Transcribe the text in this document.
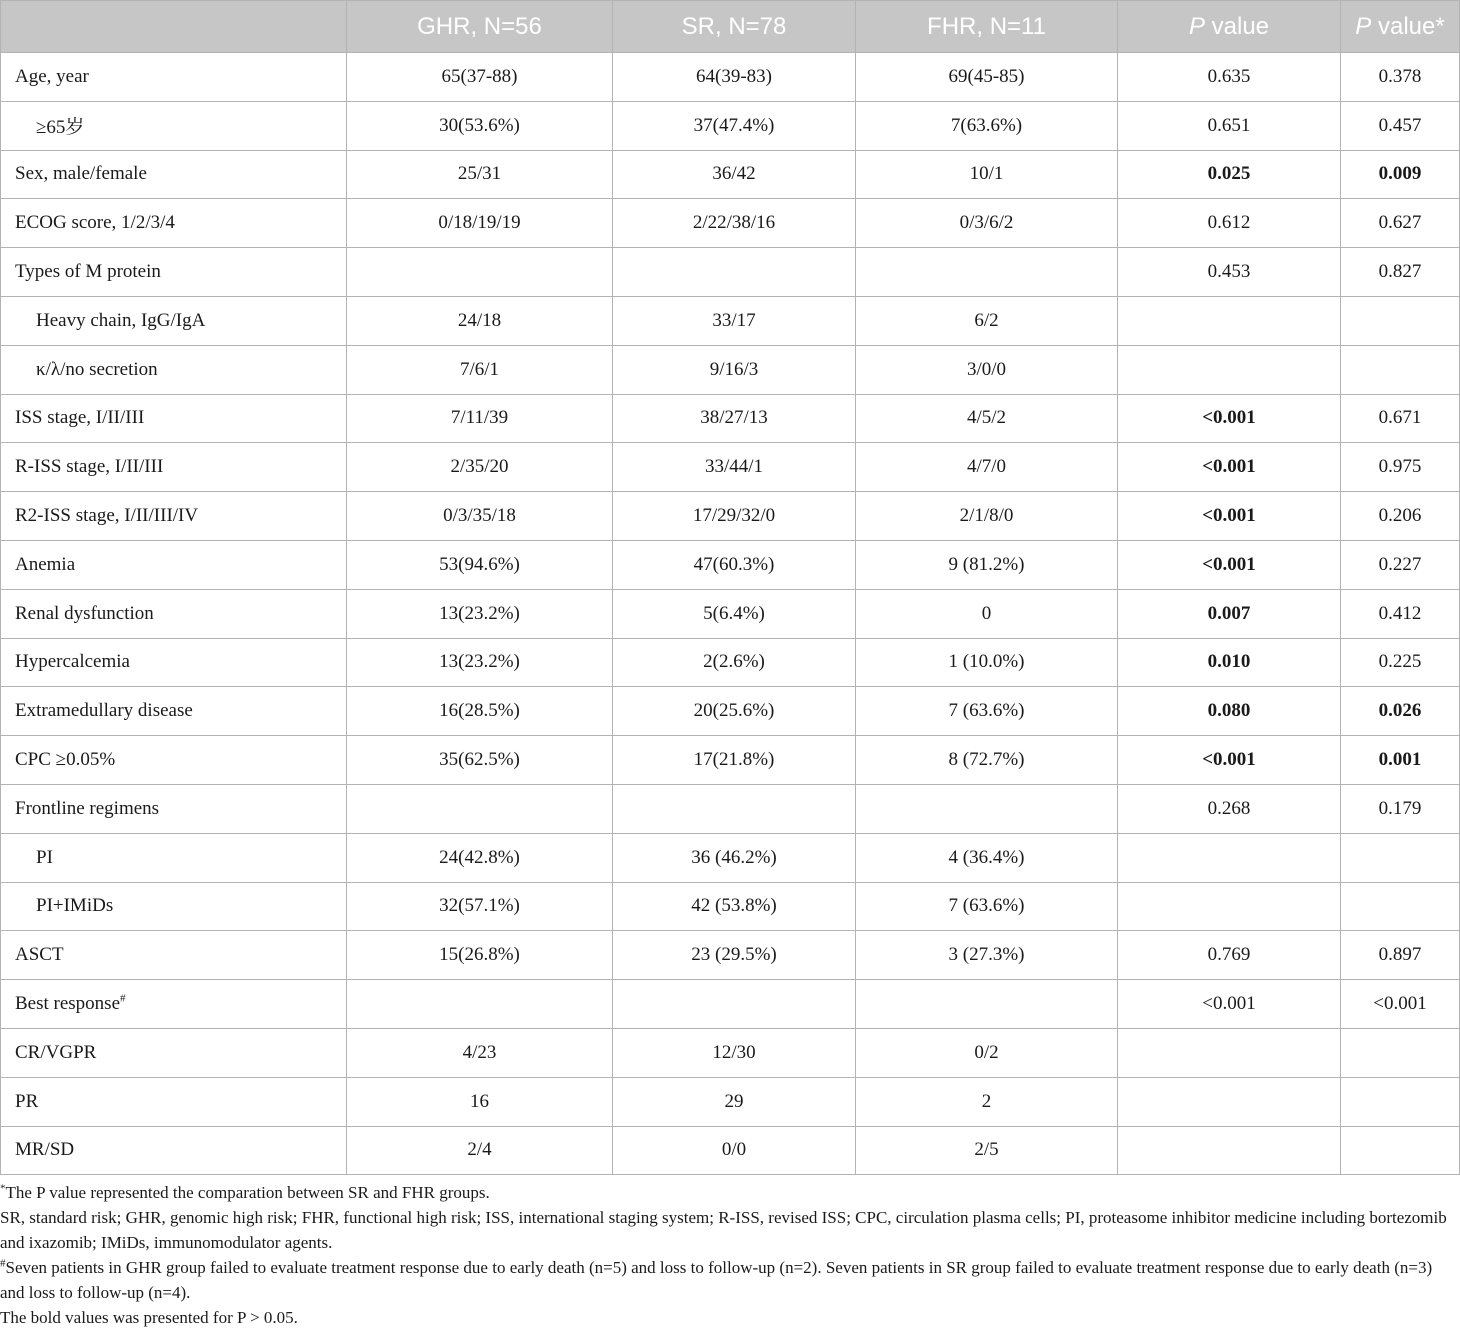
	GHR, N=56	SR, N=78	FHR, N=11	P value	P value*
Age, year	65(37-88)	64(39-83)	69(45-85)	0.635	0.378
≥65岁	30(53.6%)	37(47.4%)	7(63.6%)	0.651	0.457
Sex, male/female	25/31	36/42	10/1	0.025	0.009
ECOG score, 1/2/3/4	0/18/19/19	2/22/38/16	0/3/6/2	0.612	0.627
Types of M protein				0.453	0.827
Heavy chain, IgG/IgA	24/18	33/17	6/2		
κ/λ/no secretion	7/6/1	9/16/3	3/0/0		
ISS stage, I/II/III	7/11/39	38/27/13	4/5/2	<0.001	0.671
R-ISS stage, I/II/III	2/35/20	33/44/1	4/7/0	<0.001	0.975
R2-ISS stage, I/II/III/IV	0/3/35/18	17/29/32/0	2/1/8/0	<0.001	0.206
Anemia	53(94.6%)	47(60.3%)	9 (81.2%)	<0.001	0.227
Renal dysfunction	13(23.2%)	5(6.4%)	0	0.007	0.412
Hypercalcemia	13(23.2%)	2(2.6%)	1 (10.0%)	0.010	0.225
Extramedullary disease	16(28.5%)	20(25.6%)	7 (63.6%)	0.080	0.026
CPC ≥0.05%	35(62.5%)	17(21.8%)	8 (72.7%)	<0.001	0.001
Frontline regimens				0.268	0.179
PI	24(42.8%)	36 (46.2%)	4 (36.4%)		
PI+IMiDs	32(57.1%)	42 (53.8%)	7 (63.6%)		
ASCT	15(26.8%)	23 (29.5%)	3 (27.3%)	0.769	0.897
Best response#				<0.001	<0.001
CR/VGPR	4/23	12/30	0/2		
PR	16	29	2		
MR/SD	2/4	0/0	2/5		

*The P value represented the comparation between SR and FHR groups.

SR, standard risk; GHR, genomic high risk; FHR, functional high risk; ISS, international staging system; R-ISS, revised ISS; CPC, circulation plasma cells; PI, proteasome inhibitor medicine including bortezomib and ixazomib; IMiDs, immunomodulator agents.

#Seven patients in GHR group failed to evaluate treatment response due to early death (n=5) and loss to follow-up (n=2). Seven patients in SR group failed to evaluate treatment response due to early death (n=3) and loss to follow-up (n=4).

The bold values was presented for P > 0.05.
